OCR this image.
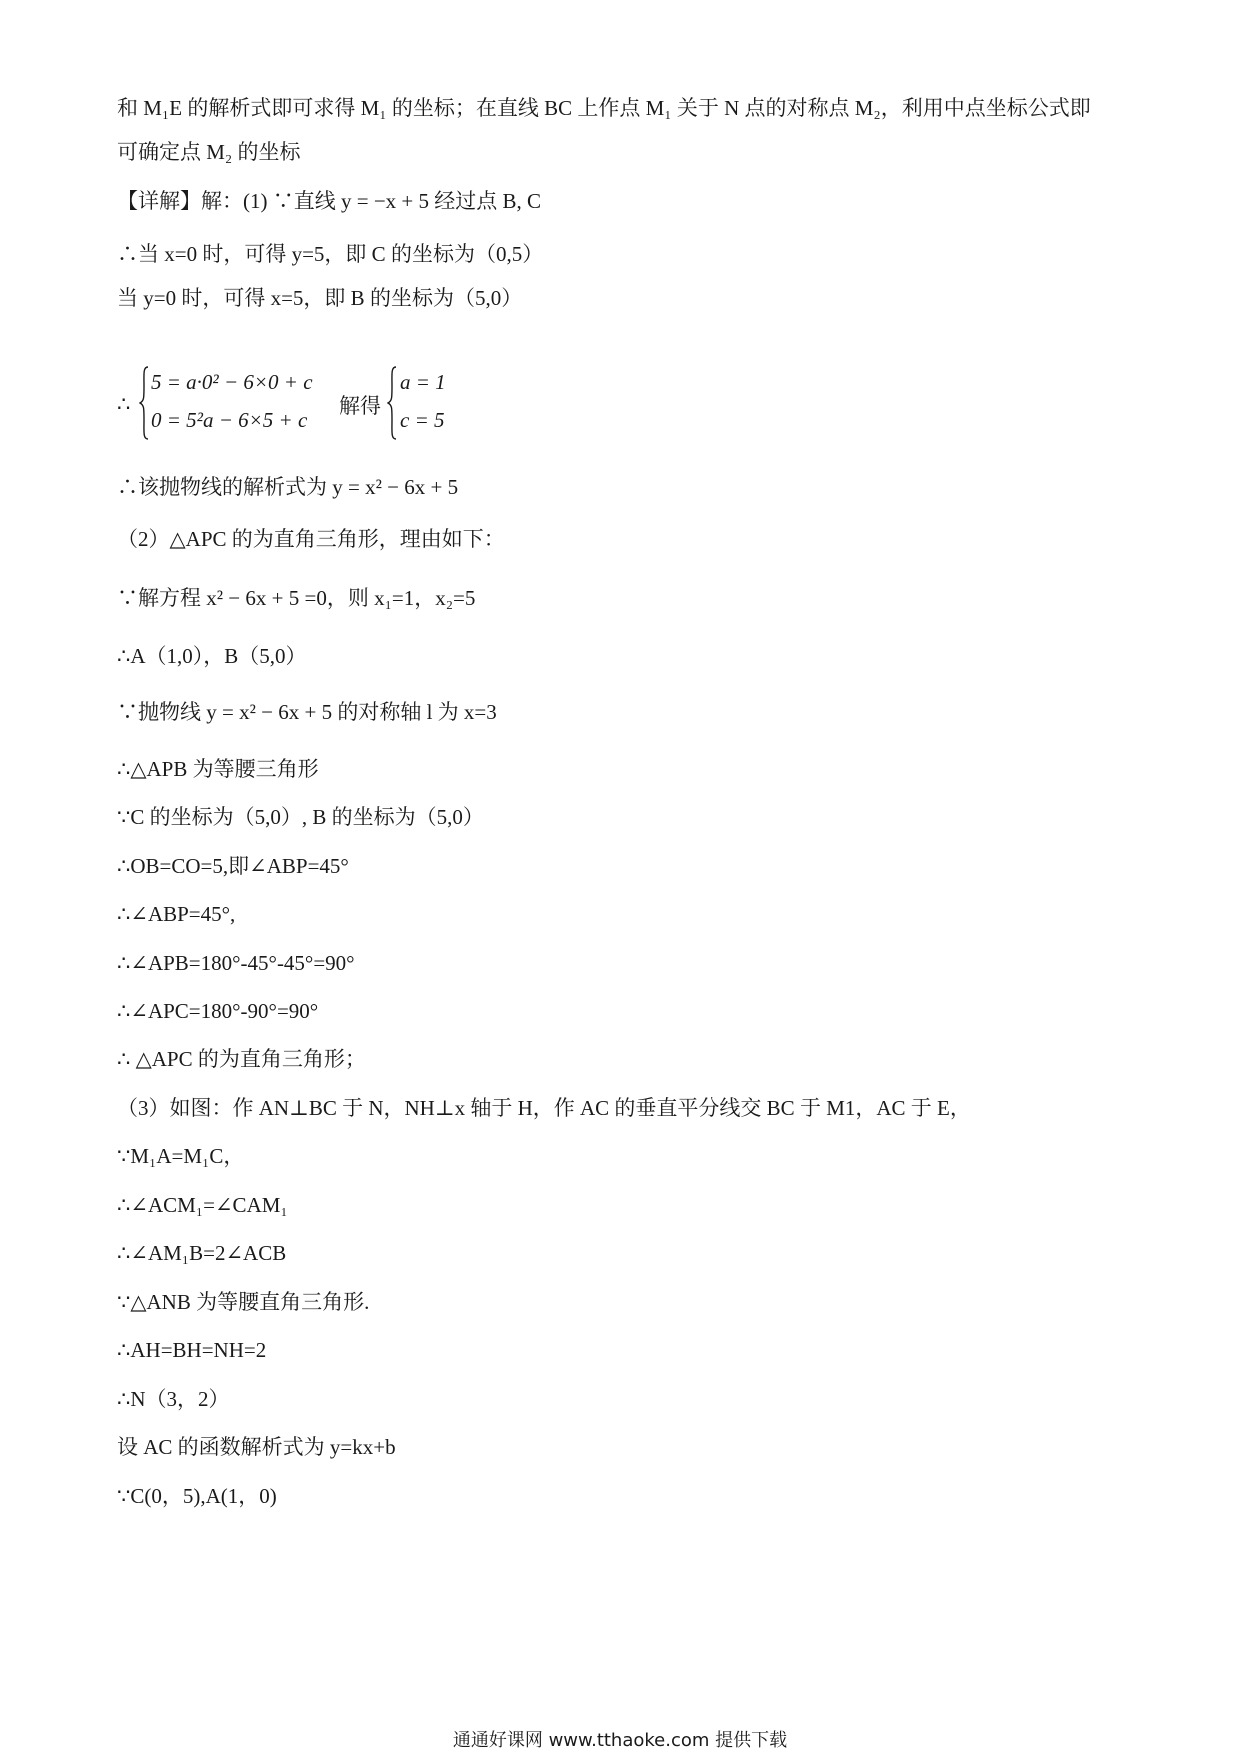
和 M₁E 的解析式即可求得 M₁ 的坐标；在直线 BC 上作点 M₁ 关于 N 点的对称点 M₂，利用中点坐标公式即
可确定点 M₂ 的坐标
【详解】解：(1) ∵直线 y = −x + 5 经过点 B, C
∴当 x=0 时，可得 y=5，即 C 的坐标为（0,5）
当 y=0 时，可得 x=5，即 B 的坐标为（5,0）
∴
5 = a·0² − 6×0 + c
0 = 5²a − 6×5 + c
解得
a = 1
c = 5
∴该抛物线的解析式为 y = x² − 6x + 5
（2）△APC 的为直角三角形，理由如下：
∵解方程 x² − 6x + 5 =0，则 x₁=1，x₂=5
∴A（1,0），B（5,0）
∵抛物线 y = x² − 6x + 5 的对称轴 l 为 x=3
∴△APB 为等腰三角形
∵C 的坐标为（5,0）, B 的坐标为（5,0）
∴OB=CO=5,即∠ABP=45°
∴∠ABP=45°,
∴∠APB=180°-45°-45°=90°
∴∠APC=180°-90°=90°
∴ △APC 的为直角三角形；
（3）如图：作 AN⊥BC 于 N，NH⊥x 轴于 H，作 AC 的垂直平分线交 BC 于 M1，AC 于 E，
∵M₁A=M₁C，
∴∠ACM₁=∠CAM₁
∴∠AM₁B=2∠ACB
∵△ANB 为等腰直角三角形.
∴AH=BH=NH=2
∴N（3，2）
设 AC 的函数解析式为 y=kx+b
∵C(0，5),A(1，0)
通通好课网 www.tthaoke.com 提供下载
